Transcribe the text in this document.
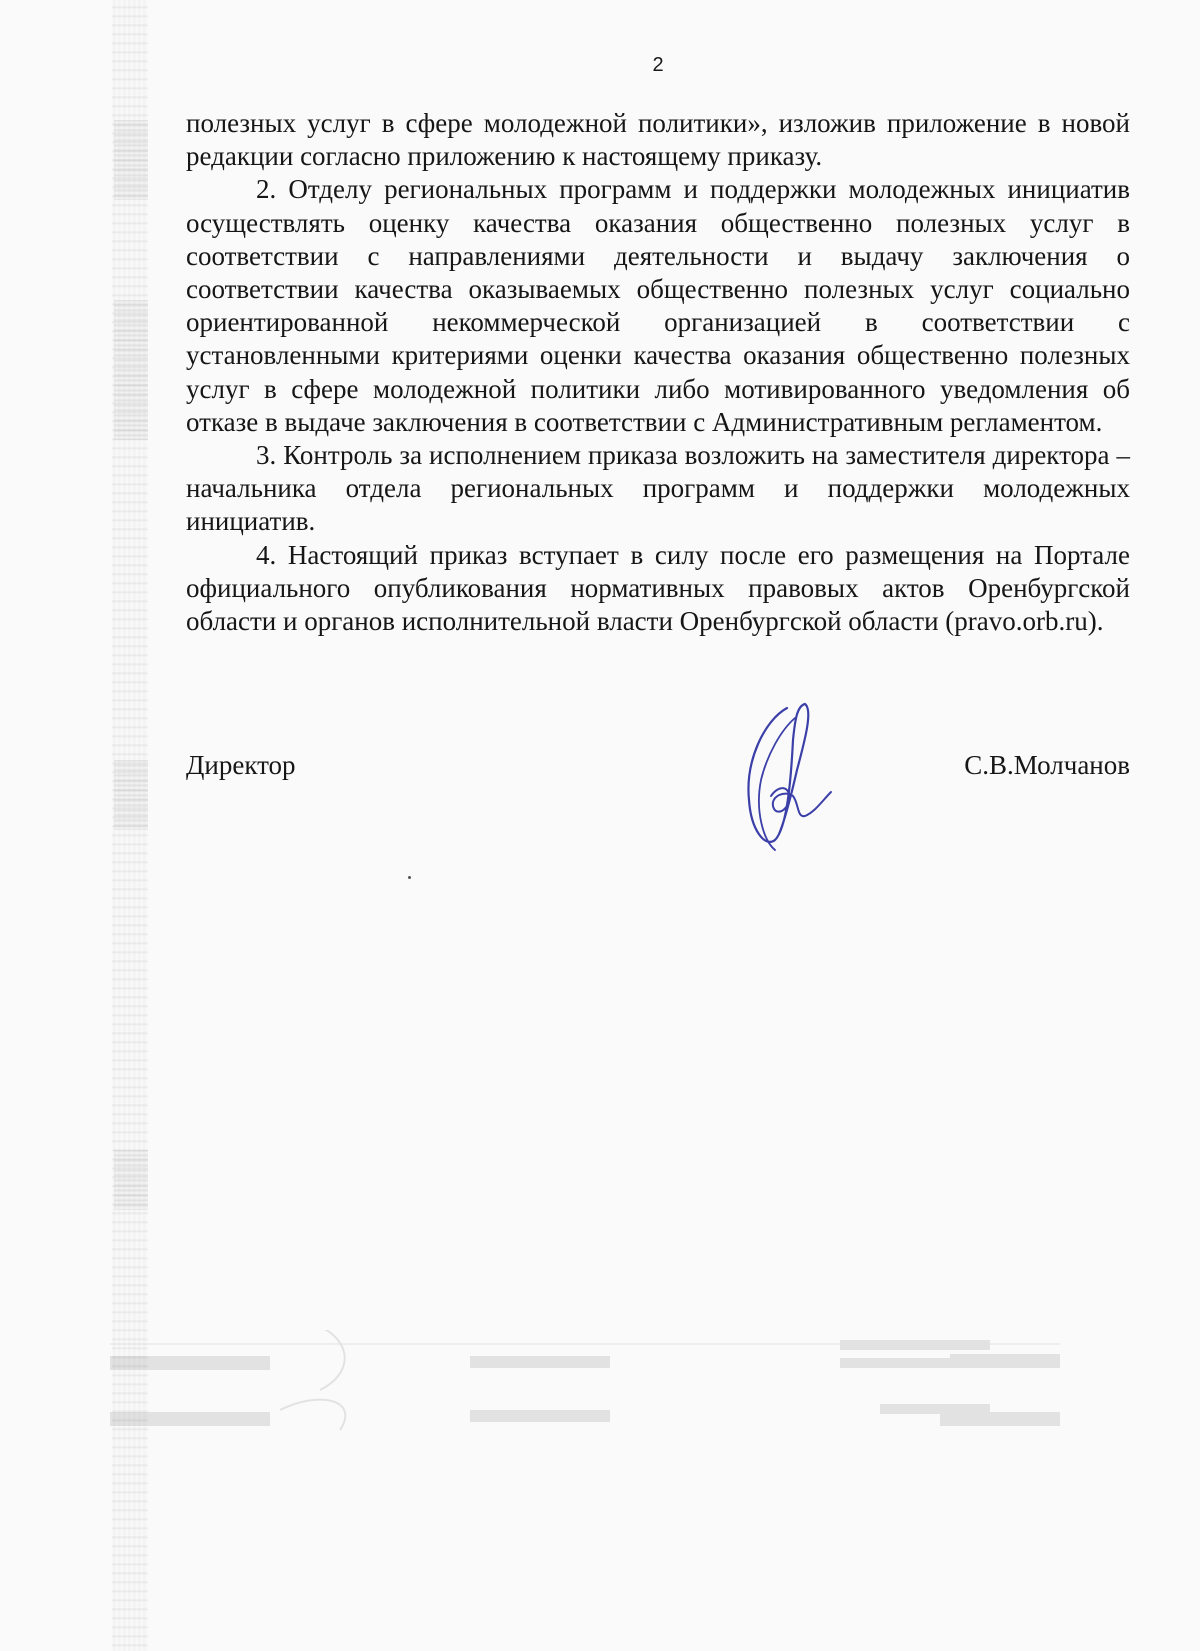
2

полезных услуг в сфере молодежной политики», изложив приложение в новой редакции согласно приложению к настоящему приказу.

2. Отделу региональных программ и поддержки молодежных инициатив осуществлять оценку качества оказания общественно полезных услуг в соответствии с направлениями деятельности и выдачу заключения о соответствии качества оказываемых общественно полезных услуг социально ориентированной некоммерческой организацией в соответствии с установленными критериями оценки качества оказания общественно полезных услуг в сфере молодежной политики либо мотивированного уведомления об отказе в выдаче заключения в соответствии с Административным регламентом.

3. Контроль за исполнением приказа возложить на заместителя директора – начальника отдела региональных программ и поддержки молодежных инициатив.

4. Настоящий приказ вступает в силу после его размещения на Портале официального опубликования нормативных правовых актов Оренбургской области и органов исполнительной власти Оренбургской области (pravo.orb.ru).

Директор	С.В.Молчанов
